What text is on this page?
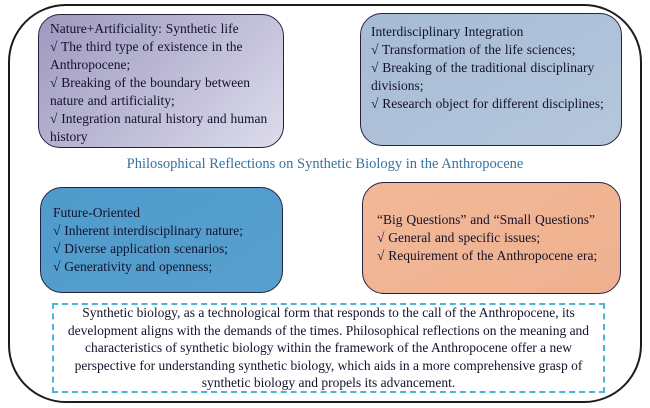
Nature+Artificiality: Synthetic life
√ The third type of existence in the Anthropocene;
√ Breaking of the boundary between nature and artificiality;
√ Integration natural history and human history
Interdisciplinary Integration
√ Transformation of the life sciences;
√ Breaking of the traditional disciplinary divisions;
√ Research object for different disciplines;
Philosophical Reflections on Synthetic Biology in the Anthropocene
Future-Oriented
√ Inherent interdisciplinary nature;
√ Diverse application scenarios;
√ Generativity and openness;
“Big Questions” and “Small Questions”
√ General and specific issues;
√ Requirement of the Anthropocene era;
Synthetic biology, as a technological form that responds to the call of the Anthropocene, its development aligns with the demands of the times. Philosophical reflections on the meaning and characteristics of synthetic biology within the framework of the Anthropocene offer a new perspective for understanding synthetic biology, which aids in a more comprehensive grasp of synthetic biology and propels its advancement.
